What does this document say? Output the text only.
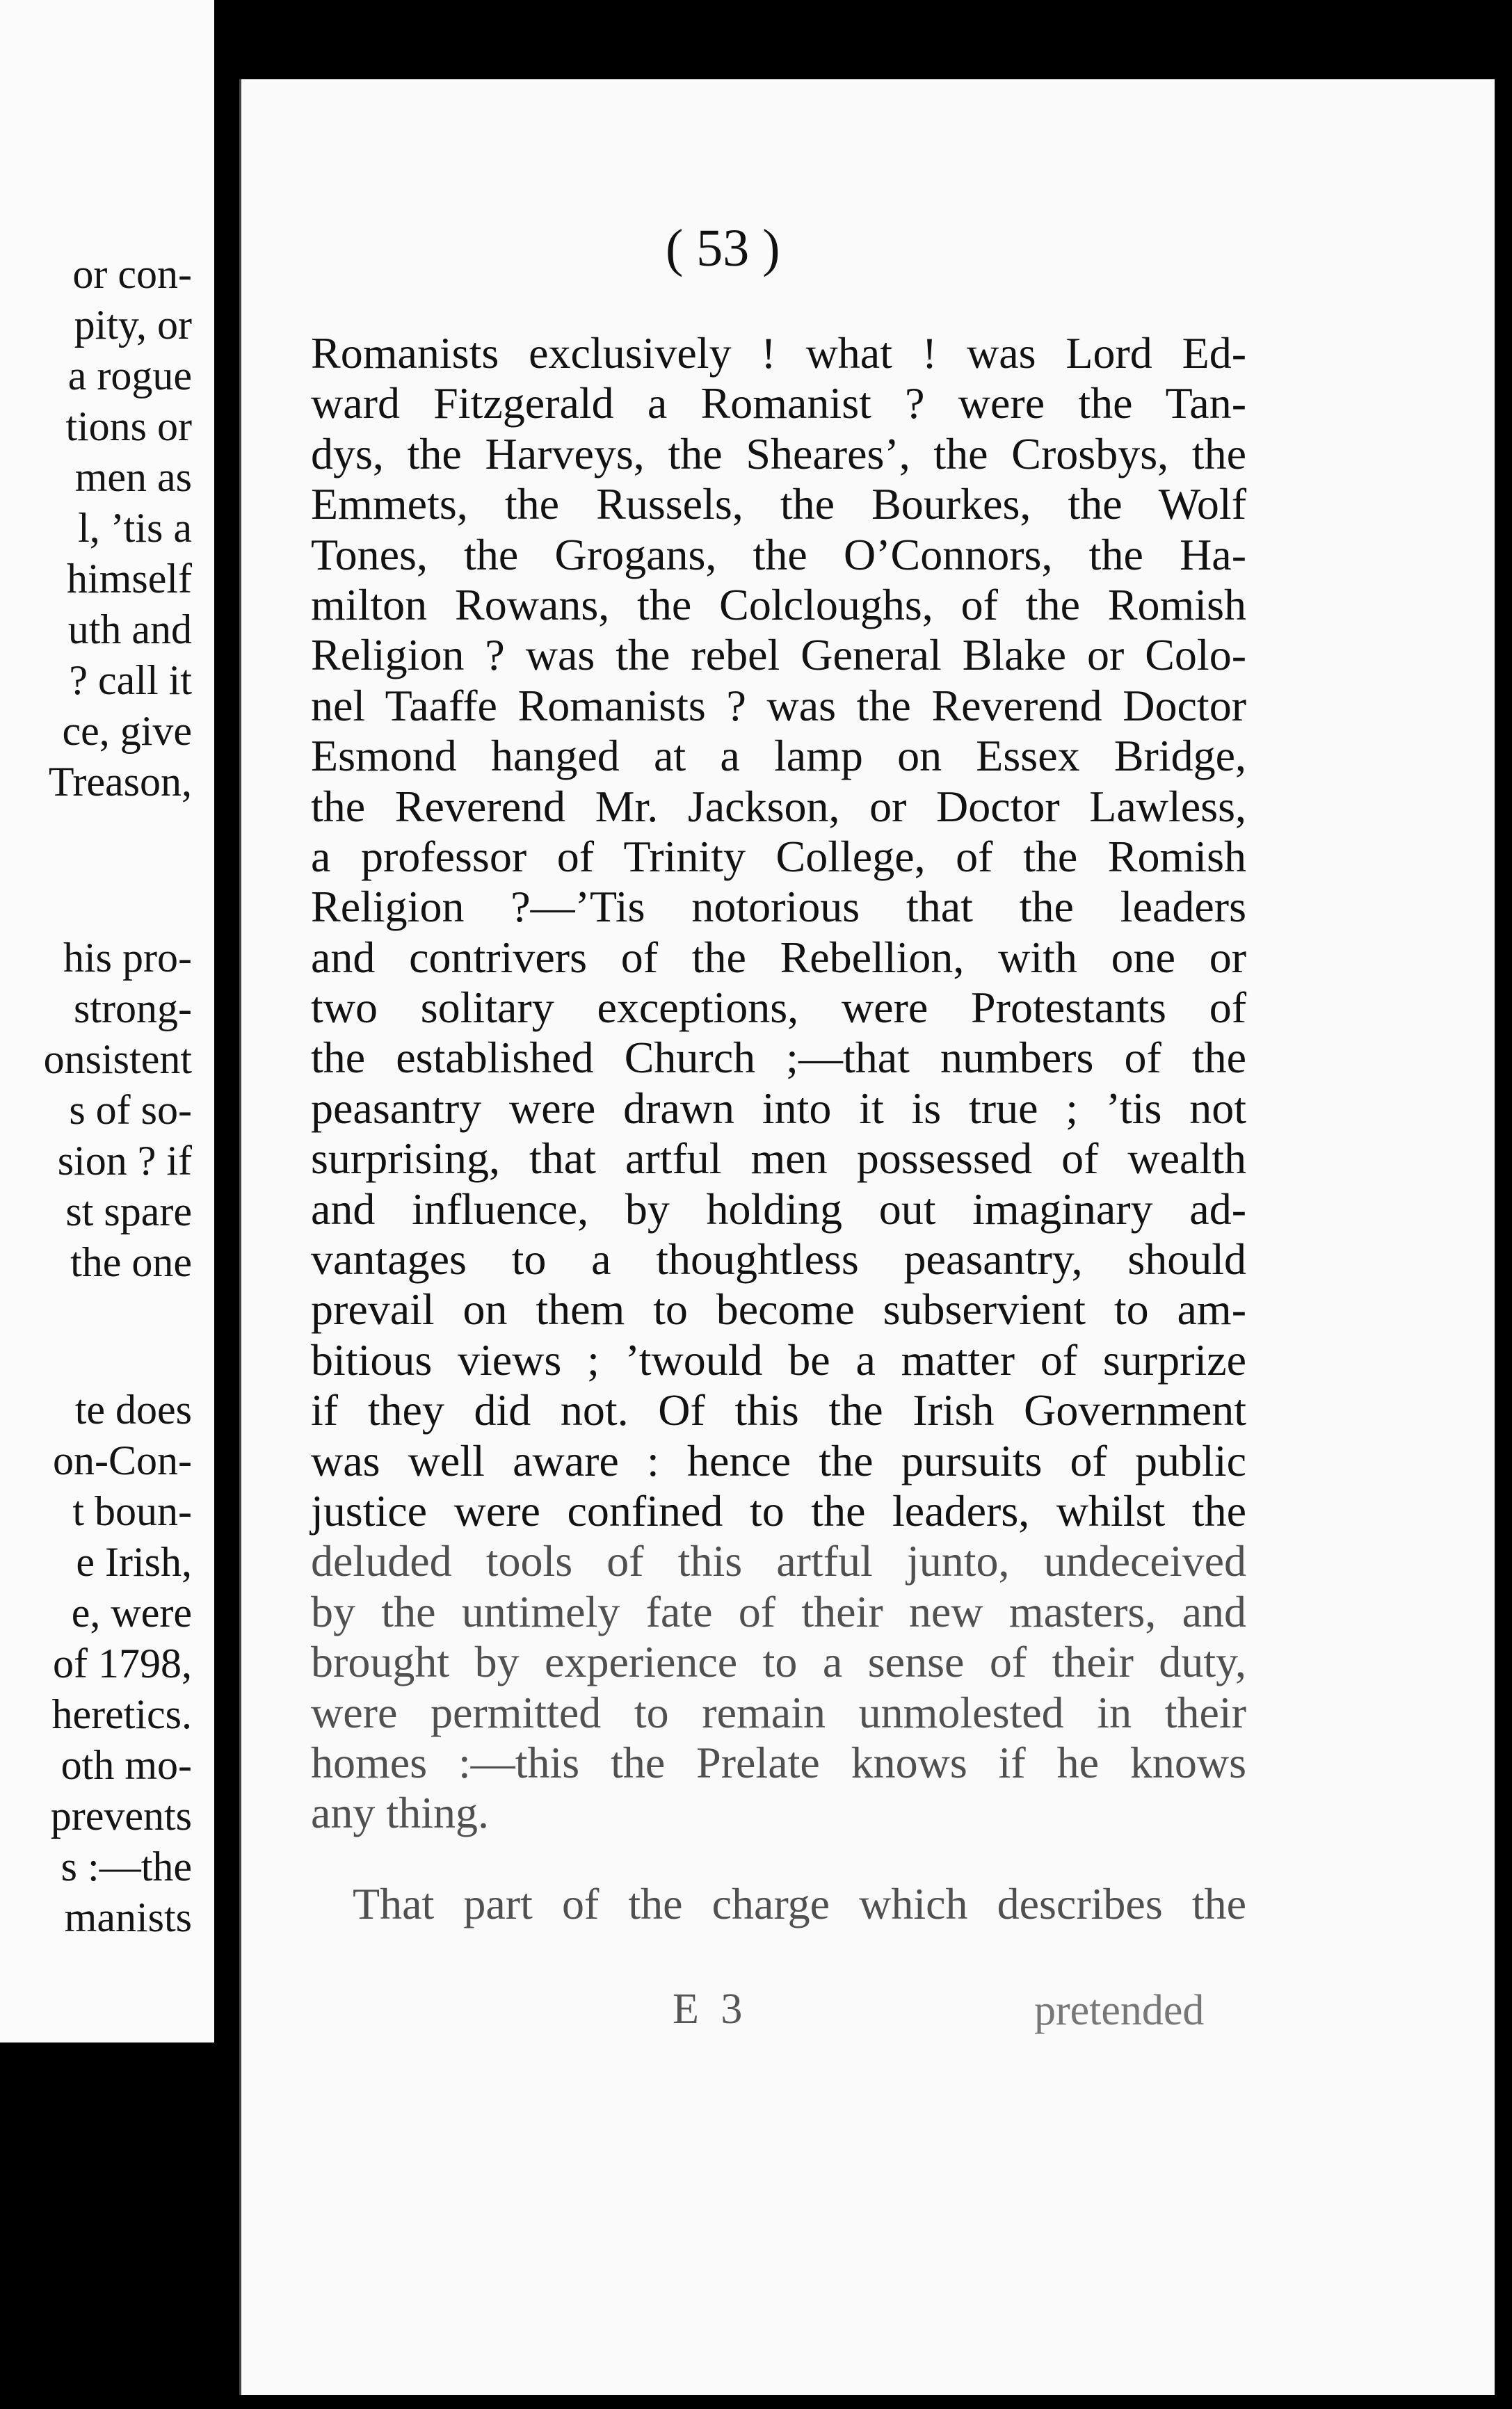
or con-
pity, or
a rogue
tions or
men as
l, ’tis a
himself
uth and
? call it
ce, give
Treason,
his pro-
strong-
onsistent
s of so-
sion ? if
st spare
the one
te does
on-Con-
t boun-
e Irish,
e, were
of 1798,
heretics.
oth mo-
prevents
s :—the
manists
( 53 )
Romanists exclusively ! what ! was Lord Ed-
ward Fitzgerald a Romanist ? were the Tan-
dys, the Harveys, the Sheares’, the Crosbys, the
Emmets, the Russels, the Bourkes, the Wolf
Tones, the Grogans, the O’Connors, the Ha-
milton Rowans, the Colcloughs, of the Romish
Religion ? was the rebel General Blake or Colo-
nel Taaffe Romanists ? was the Reverend Doctor
Esmond hanged at a lamp on Essex Bridge,
the Reverend Mr. Jackson, or Doctor Lawless,
a professor of Trinity College, of the Romish
Religion ?—’Tis notorious that the leaders
and contrivers of the Rebellion, with one or
two solitary exceptions, were Protestants of
the established Church ;—that numbers of the
peasantry were drawn into it is true ; ’tis not
surprising, that artful men possessed of wealth
and influence, by holding out imaginary ad-
vantages to a thoughtless peasantry, should
prevail on them to become subservient to am-
bitious views ; ’twould be a matter of surprize
if they did not. Of this the Irish Government
was well aware : hence the pursuits of public
justice were confined to the leaders, whilst the
deluded tools of this artful junto, undeceived
by the untimely fate of their new masters, and
brought by experience to a sense of their duty,
were permitted to remain unmolested in their
homes :—this the Prelate knows if he knows
any thing.
That part of the charge which describes the
E 3	pretended
